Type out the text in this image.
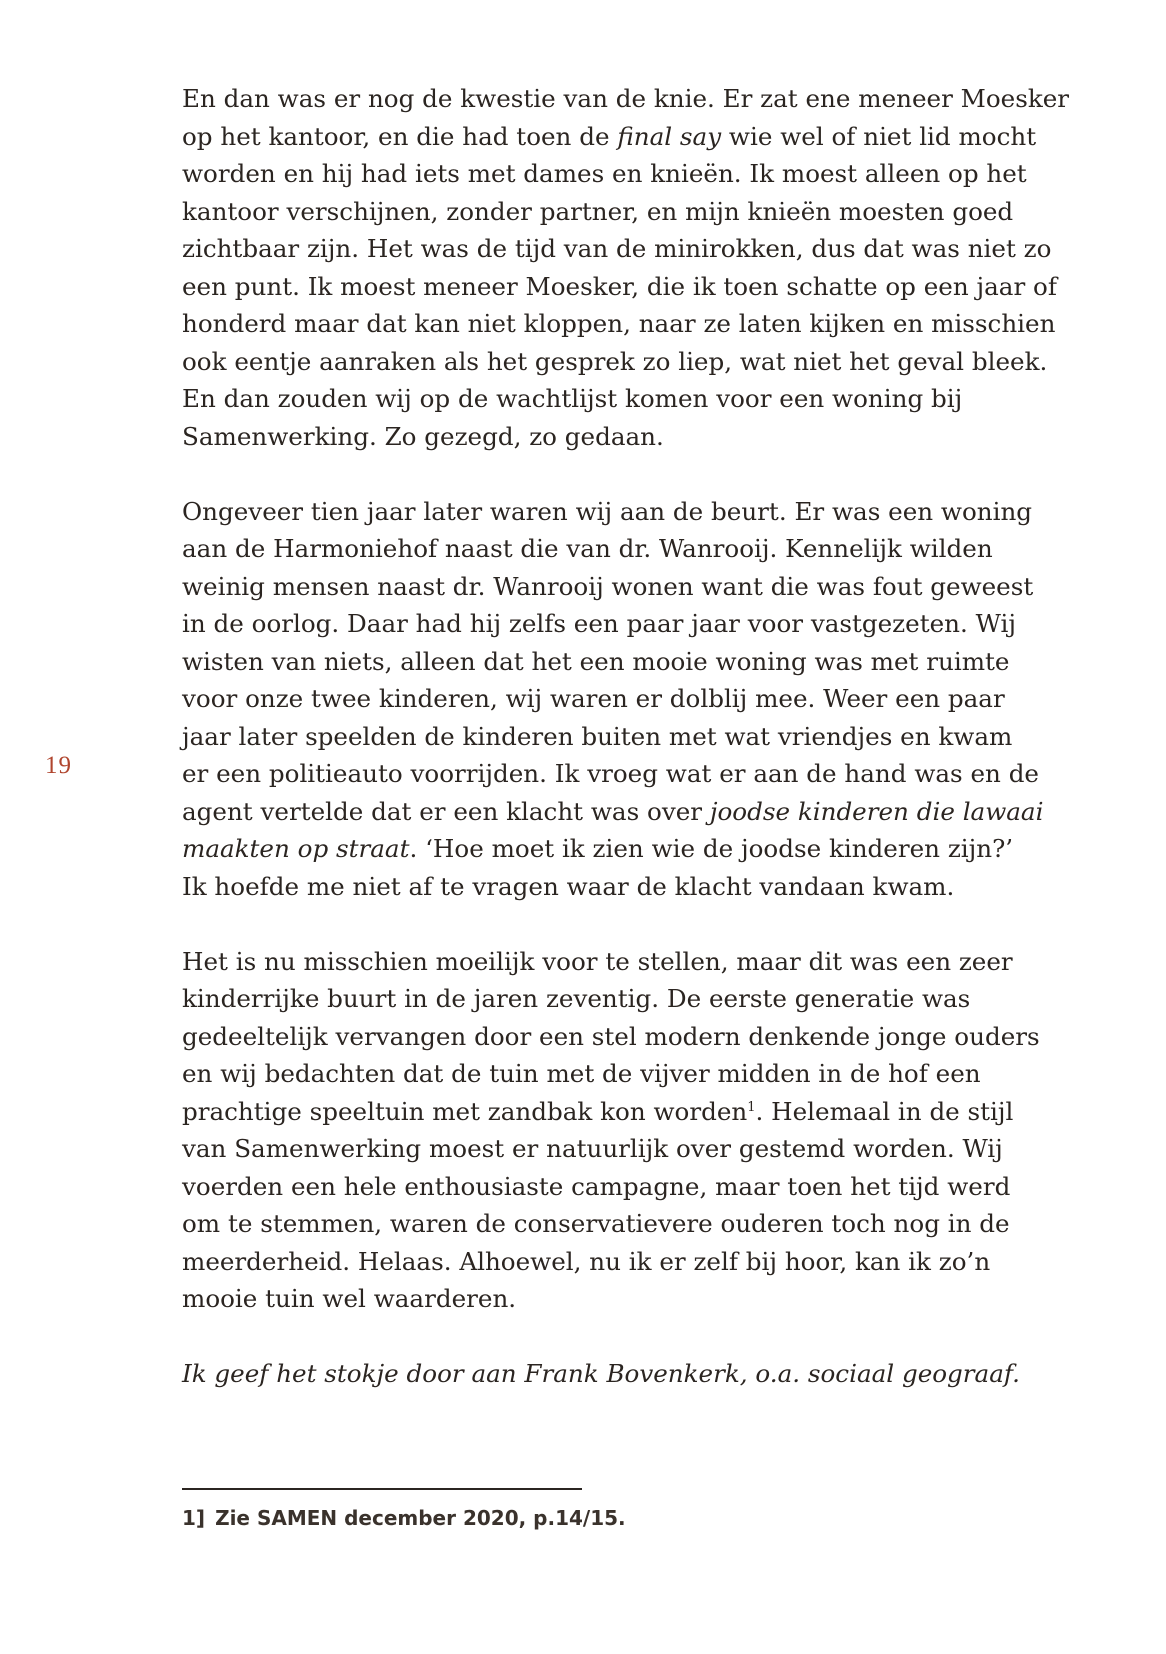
19

En dan was er nog de kwestie van de knie. Er zat ene meneer Moesker
op het kantoor, en die had toen de final say wie wel of niet lid mocht
worden en hij had iets met dames en knieën. Ik moest alleen op het
kantoor verschijnen, zonder partner, en mijn knieën moesten goed
zichtbaar zijn. Het was de tijd van de minirokken, dus dat was niet zo
een punt. Ik moest meneer Moesker, die ik toen schatte op een jaar of
honderd maar dat kan niet kloppen, naar ze laten kijken en misschien
ook eentje aanraken als het gesprek zo liep, wat niet het geval bleek.
En dan zouden wij op de wachtlijst komen voor een woning bij
Samenwerking. Zo gezegd, zo gedaan.

Ongeveer tien jaar later waren wij aan de beurt. Er was een woning
aan de Harmoniehof naast die van dr. Wanrooij. Kennelijk wilden
weinig mensen naast dr. Wanrooij wonen want die was fout geweest
in de oorlog. Daar had hij zelfs een paar jaar voor vastgezeten. Wij
wisten van niets, alleen dat het een mooie woning was met ruimte
voor onze twee kinderen, wij waren er dolblij mee. Weer een paar
jaar later speelden de kinderen buiten met wat vriendjes en kwam
er een politieauto voorrijden. Ik vroeg wat er aan de hand was en de
agent vertelde dat er een klacht was over joodse kinderen die lawaai
maakten op straat. ‘Hoe moet ik zien wie de joodse kinderen zijn?’
Ik hoefde me niet af te vragen waar de klacht vandaan kwam.

Het is nu misschien moeilijk voor te stellen, maar dit was een zeer
kinderrijke buurt in de jaren zeventig. De eerste generatie was
gedeeltelijk vervangen door een stel modern denkende jonge ouders
en wij bedachten dat de tuin met de vijver midden in de hof een
prachtige speeltuin met zandbak kon worden$^1$. Helemaal in de stijl
van Samenwerking moest er natuurlijk over gestemd worden. Wij
voerden een hele enthousiaste campagne, maar toen het tijd werd
om te stemmen, waren de conservatievere ouderen toch nog in de
meerderheid. Helaas. Alhoewel, nu ik er zelf bij hoor, kan ik zo’n
mooie tuin wel waarderen.

Ik geef het stokje door aan Frank Bovenkerk, o.a. sociaal geograaf.

1] Zie SAMEN december 2020, p.14/15.
